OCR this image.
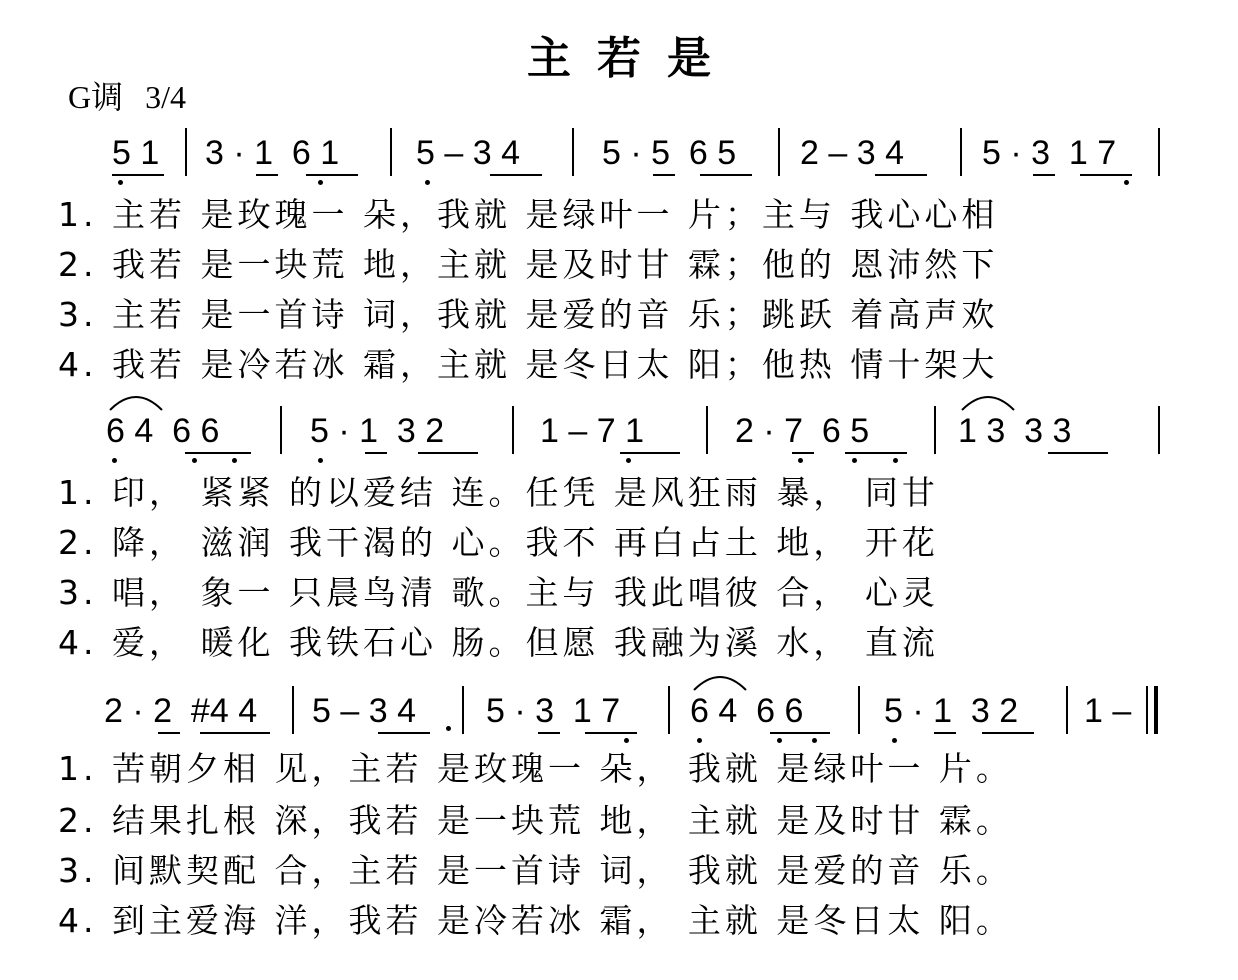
主若是
G调 3/4
5 1 3 · 1  6 1 5 – 3 4 5 · 5  6 5 2 – 3 4 5 · 3  1 7
1. 主若 是玫瑰一 朵，我就 是绿叶一 片；主与 我心心相
2. 我若 是一块荒 地，主就 是及时甘 霖；他的 恩沛然下
3. 主若 是一首诗 词，我就 是爱的音 乐；跳跃 着高声欢
4. 我若 是冷若冰 霜，主就 是冬日太 阳；他热 情十架大
6 4  6 6	5 · 1  3 2	1 – 7 1	2 · 7  6 5	1 3  3 3
1. 印， 紧紧 的以爱结 连。任凭 是风狂雨 暴， 同甘
2. 降， 滋润 我干渴的 心。我不 再白占土 地， 开花
3. 唱， 象一 只晨鸟清 歌。主与 我此唱彼 合， 心灵
4. 爱， 暖化 我铁石心 肠。但愿 我融为溪 水， 直流
2 · 2  #4 4 5 – 3 4 5 · 3  1 7 6 4  6 6 5 · 1  3 2 1 –
1. 苦朝夕相 见，主若 是玫瑰一 朵， 我就 是绿叶一 片。
2. 结果扎根 深，我若 是一块荒 地， 主就 是及时甘 霖。
3. 间默契配 合，主若 是一首诗 词， 我就 是爱的音 乐。
4. 到主爱海 洋，我若 是冷若冰 霜， 主就 是冬日太 阳。
